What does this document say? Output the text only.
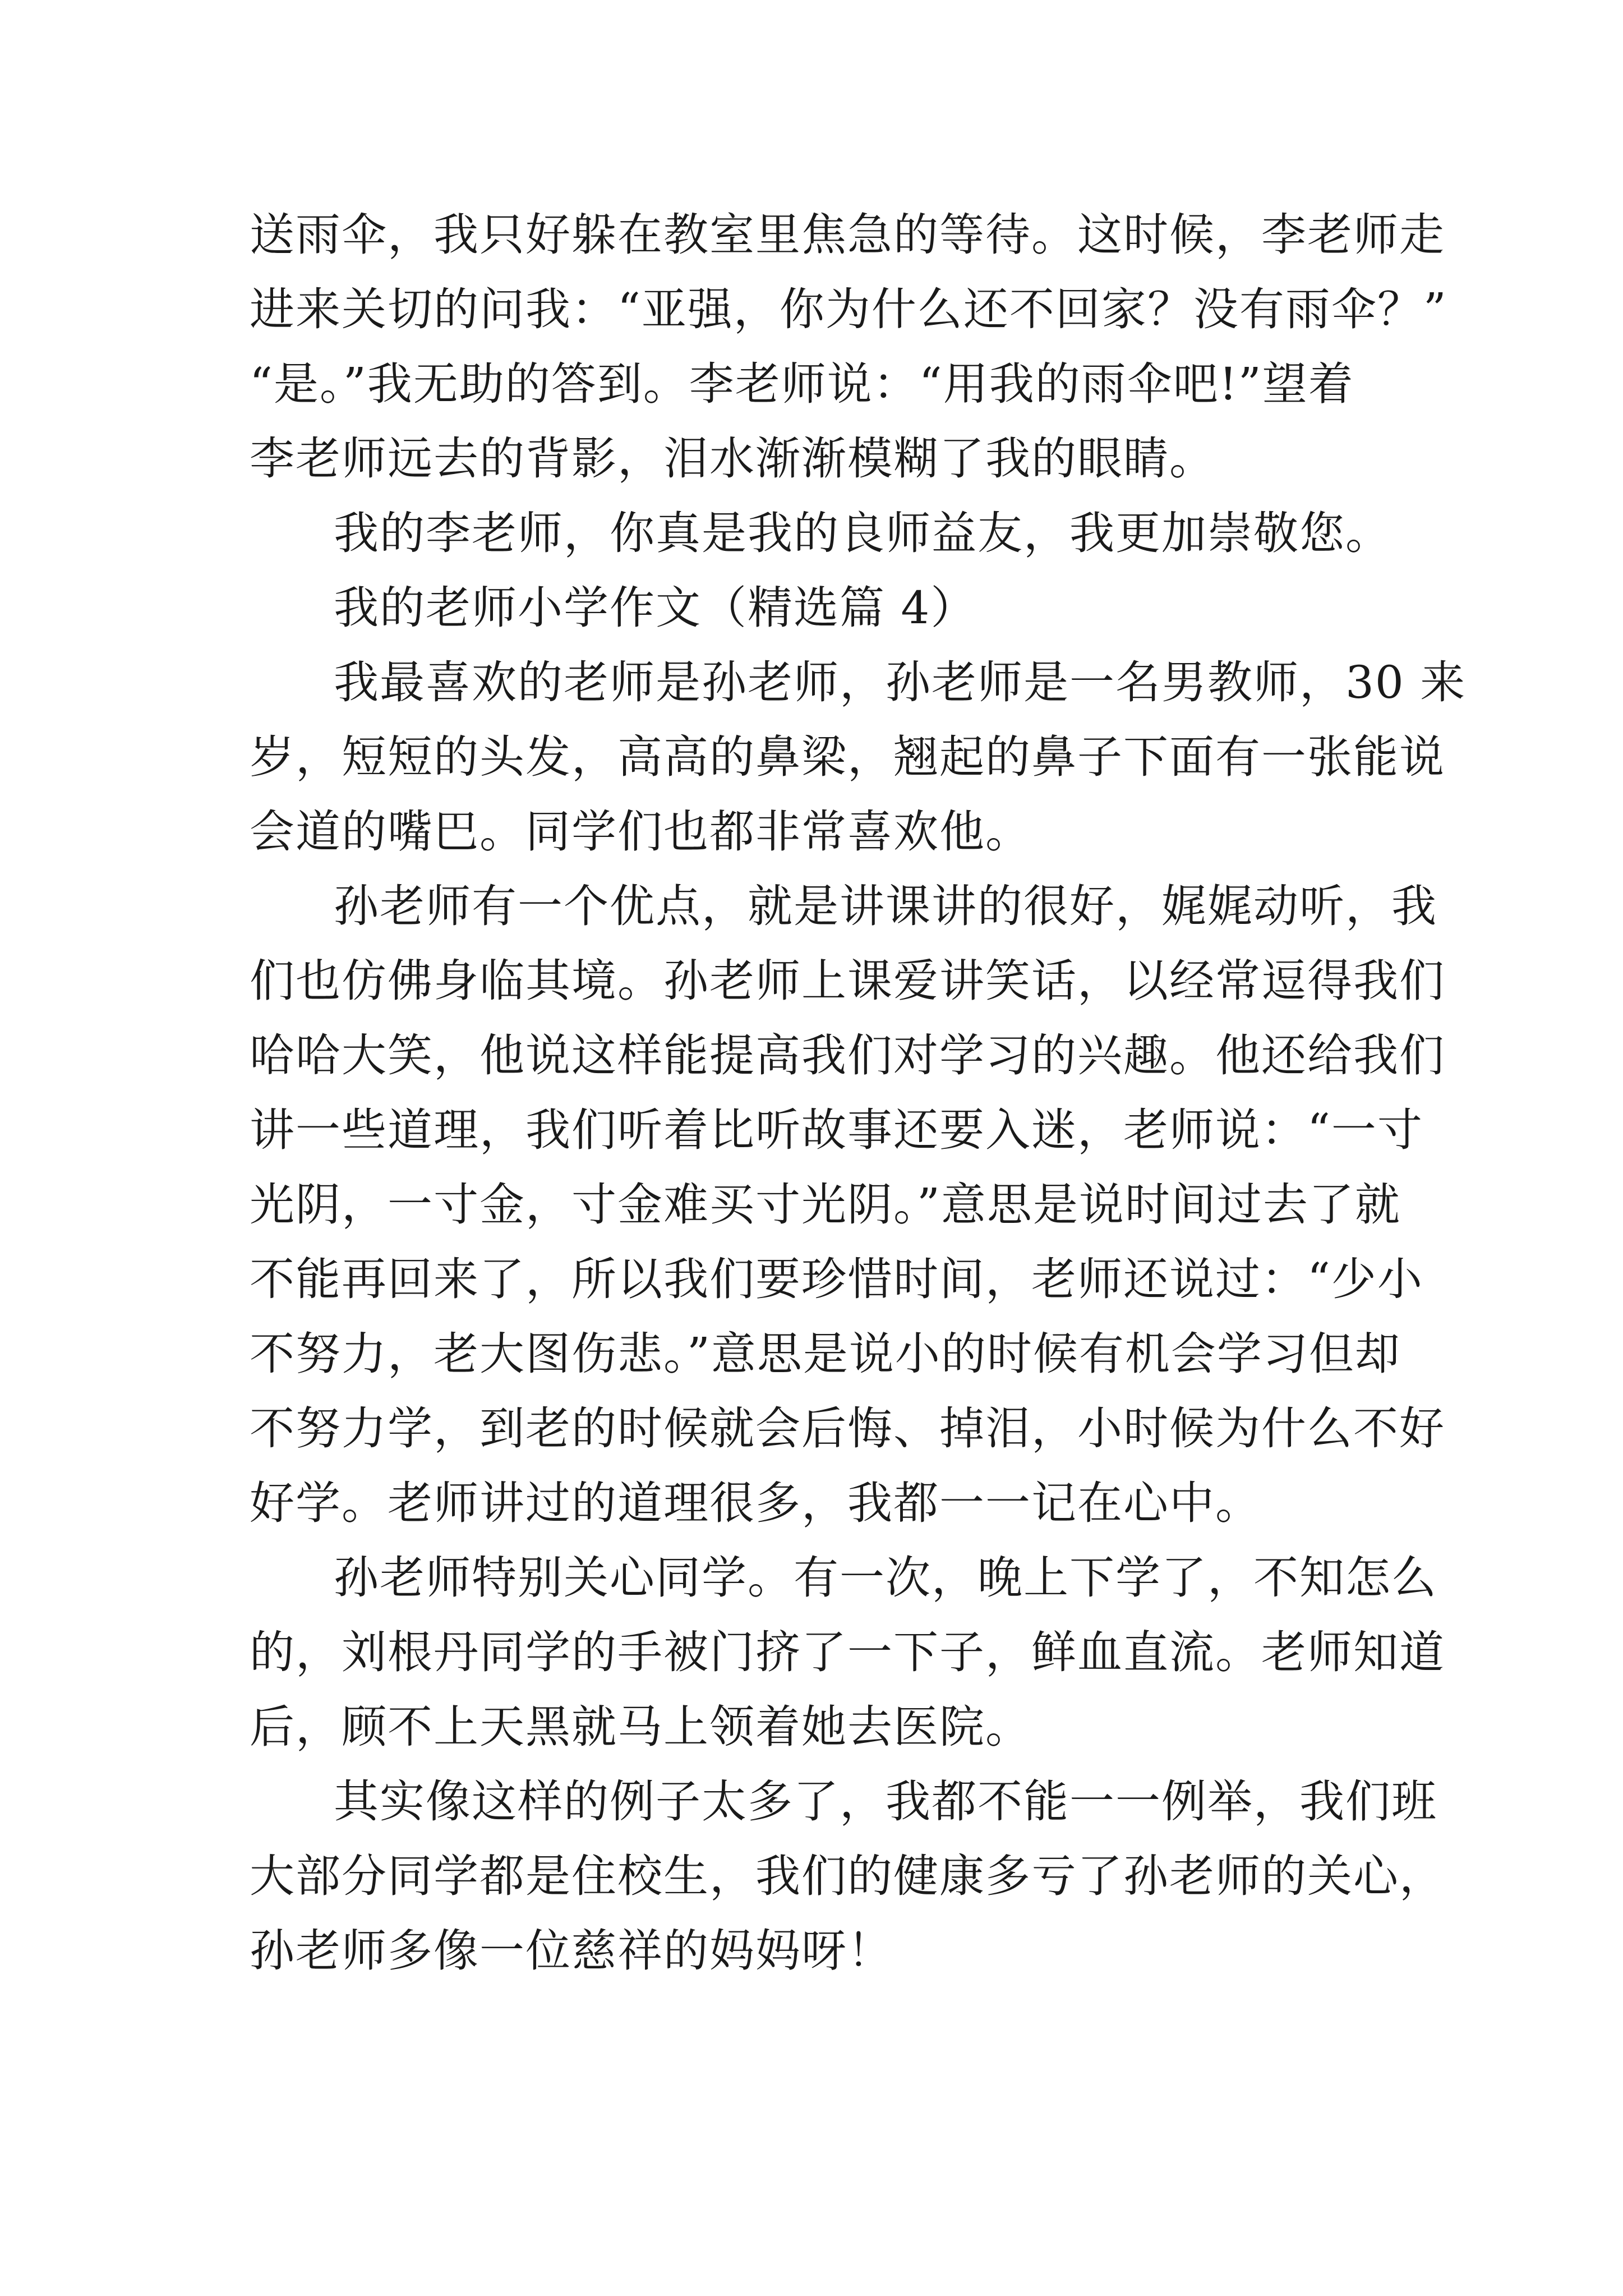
送雨伞，我只好躲在教室里焦急的等待。这时候，李老师走
进来关切的问我：“亚强，你为什么还不回家？没有雨伞？”
“是。”我无助的答到。李老师说：“用我的雨伞吧!”望着
李老师远去的背影，泪水渐渐模糊了我的眼睛。
我的李老师，你真是我的良师益友，我更加崇敬您。
我的老师小学作文（精选篇 4）
我最喜欢的老师是孙老师，孙老师是一名男教师，30 来
岁，短短的头发，高高的鼻梁，翘起的鼻子下面有一张能说
会道的嘴巴。同学们也都非常喜欢他。
孙老师有一个优点，就是讲课讲的很好，娓娓动听，我
们也仿佛身临其境。孙老师上课爱讲笑话，以经常逗得我们
哈哈大笑，他说这样能提高我们对学习的兴趣。他还给我们
讲一些道理，我们听着比听故事还要入迷，老师说：“一寸
光阴，一寸金，寸金难买寸光阴。”意思是说时间过去了就
不能再回来了，所以我们要珍惜时间，老师还说过：“少小
不努力，老大图伤悲。”意思是说小的时候有机会学习但却
不努力学，到老的时候就会后悔、掉泪，小时候为什么不好
好学。老师讲过的道理很多，我都一一记在心中。
孙老师特别关心同学。有一次，晚上下学了，不知怎么
的，刘根丹同学的手被门挤了一下子，鲜血直流。老师知道
后，顾不上天黑就马上领着她去医院。
其实像这样的例子太多了，我都不能一一例举，我们班
大部分同学都是住校生，我们的健康多亏了孙老师的关心，
孙老师多像一位慈祥的妈妈呀！
